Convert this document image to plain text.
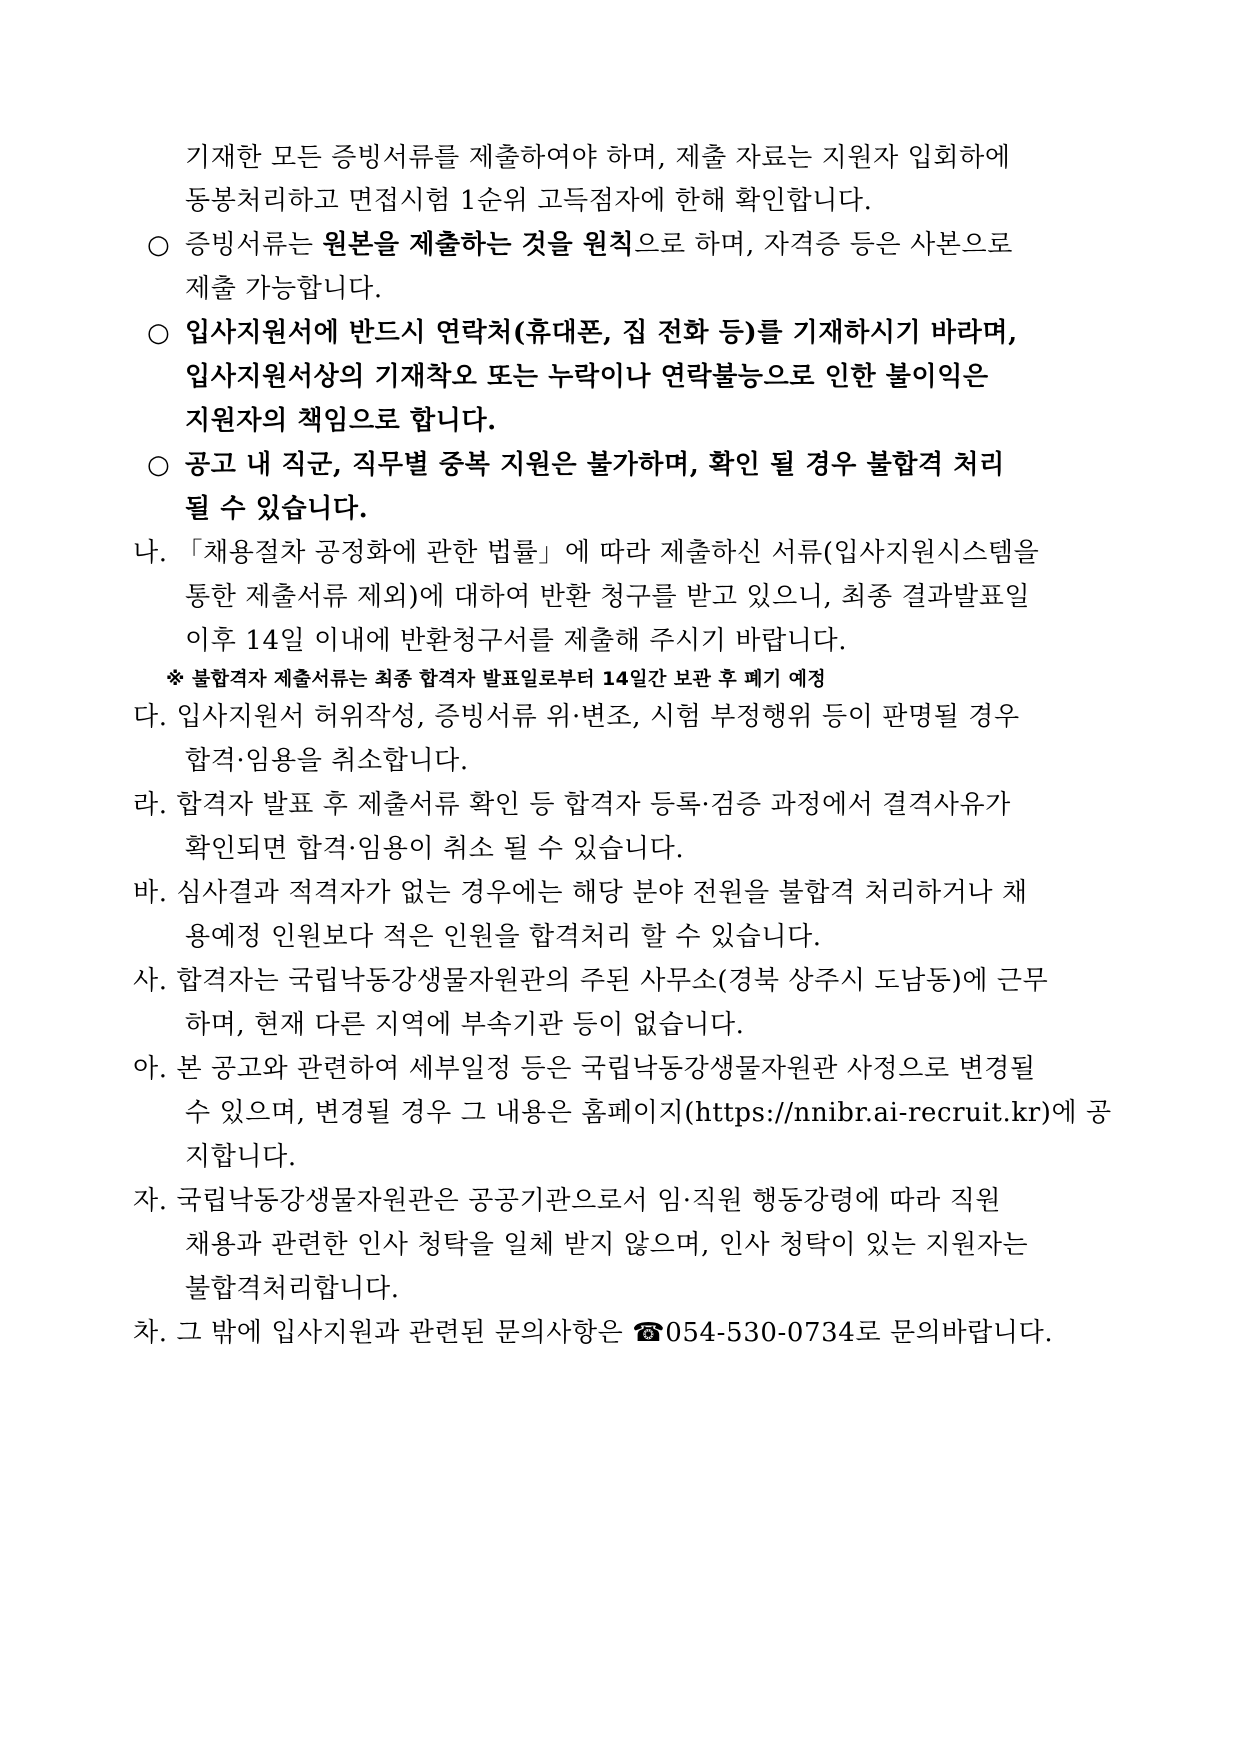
기재한 모든 증빙서류를 제출하여야 하며, 제출 자료는 지원자 입회하에
동봉처리하고 면접시험 1순위 고득점자에 한해 확인합니다.
○ 증빙서류는 원본을 제출하는 것을 원칙으로 하며, 자격증 등은 사본으로
제출 가능합니다.
○ 입사지원서에 반드시 연락처(휴대폰, 집 전화 등)를 기재하시기 바라며,
입사지원서상의 기재착오 또는 누락이나 연락불능으로 인한 불이익은
지원자의 책임으로 합니다.
○ 공고 내 직군, 직무별 중복 지원은 불가하며, 확인 될 경우 불합격 처리
될 수 있습니다.
나. 「채용절차 공정화에 관한 법률」에 따라 제출하신 서류(입사지원시스템을
통한 제출서류 제외)에 대하여 반환 청구를 받고 있으니, 최종 결과발표일
이후 14일 이내에 반환청구서를 제출해 주시기 바랍니다.
※ 불합격자 제출서류는 최종 합격자 발표일로부터 14일간 보관 후 폐기 예정
다. 입사지원서 허위작성, 증빙서류 위·변조, 시험 부정행위 등이 판명될 경우
합격·임용을 취소합니다.
라. 합격자 발표 후 제출서류 확인 등 합격자 등록·검증 과정에서 결격사유가
확인되면 합격·임용이 취소 될 수 있습니다.
바. 심사결과 적격자가 없는 경우에는 해당 분야 전원을 불합격 처리하거나 채
용예정 인원보다 적은 인원을 합격처리 할 수 있습니다.
사. 합격자는 국립낙동강생물자원관의 주된 사무소(경북 상주시 도남동)에 근무
하며, 현재 다른 지역에 부속기관 등이 없습니다.
아. 본 공고와 관련하여 세부일정 등은 국립낙동강생물자원관 사정으로 변경될
수 있으며, 변경될 경우 그 내용은 홈페이지(https://nnibr.ai-recruit.kr)에 공
지합니다.
자. 국립낙동강생물자원관은 공공기관으로서 임·직원 행동강령에 따라 직원
채용과 관련한 인사 청탁을 일체 받지 않으며, 인사 청탁이 있는 지원자는
불합격처리합니다.
차. 그 밖에 입사지원과 관련된 문의사항은 ☎054-530-0734로 문의바랍니다.
